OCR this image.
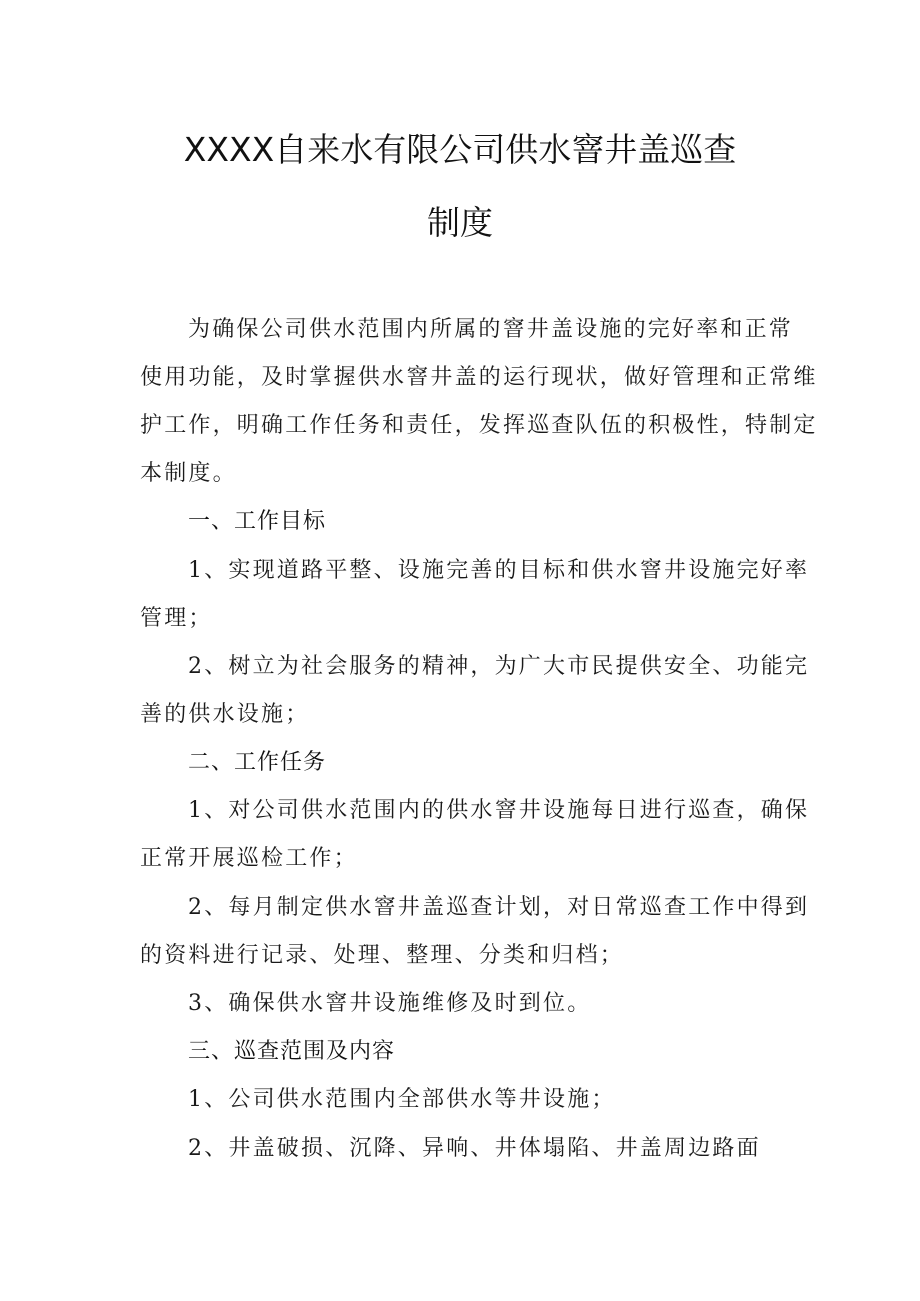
XXXX自来水有限公司供水窨井盖巡查
制度

为确保公司供水范围内所属的窨井盖设施的完好率和正常

使用功能，及时掌握供水窨井盖的运行现状，做好管理和正常维

护工作，明确工作任务和责任，发挥巡查队伍的积极性，特制定

本制度。

一、工作目标

1、实现道路平整、设施完善的目标和供水窨井设施完好率

管理；

2、树立为社会服务的精神，为广大市民提供安全、功能完

善的供水设施；

二、工作任务

1、对公司供水范围内的供水窨井设施每日进行巡查，确保

正常开展巡检工作；

2、每月制定供水窨井盖巡查计划，对日常巡查工作中得到

的资料进行记录、处理、整理、分类和归档；

3、确保供水窨井设施维修及时到位。

三、巡查范围及内容

1、公司供水范围内全部供水等井设施；

2、井盖破损、沉降、异响、井体塌陷、井盖周边路面
